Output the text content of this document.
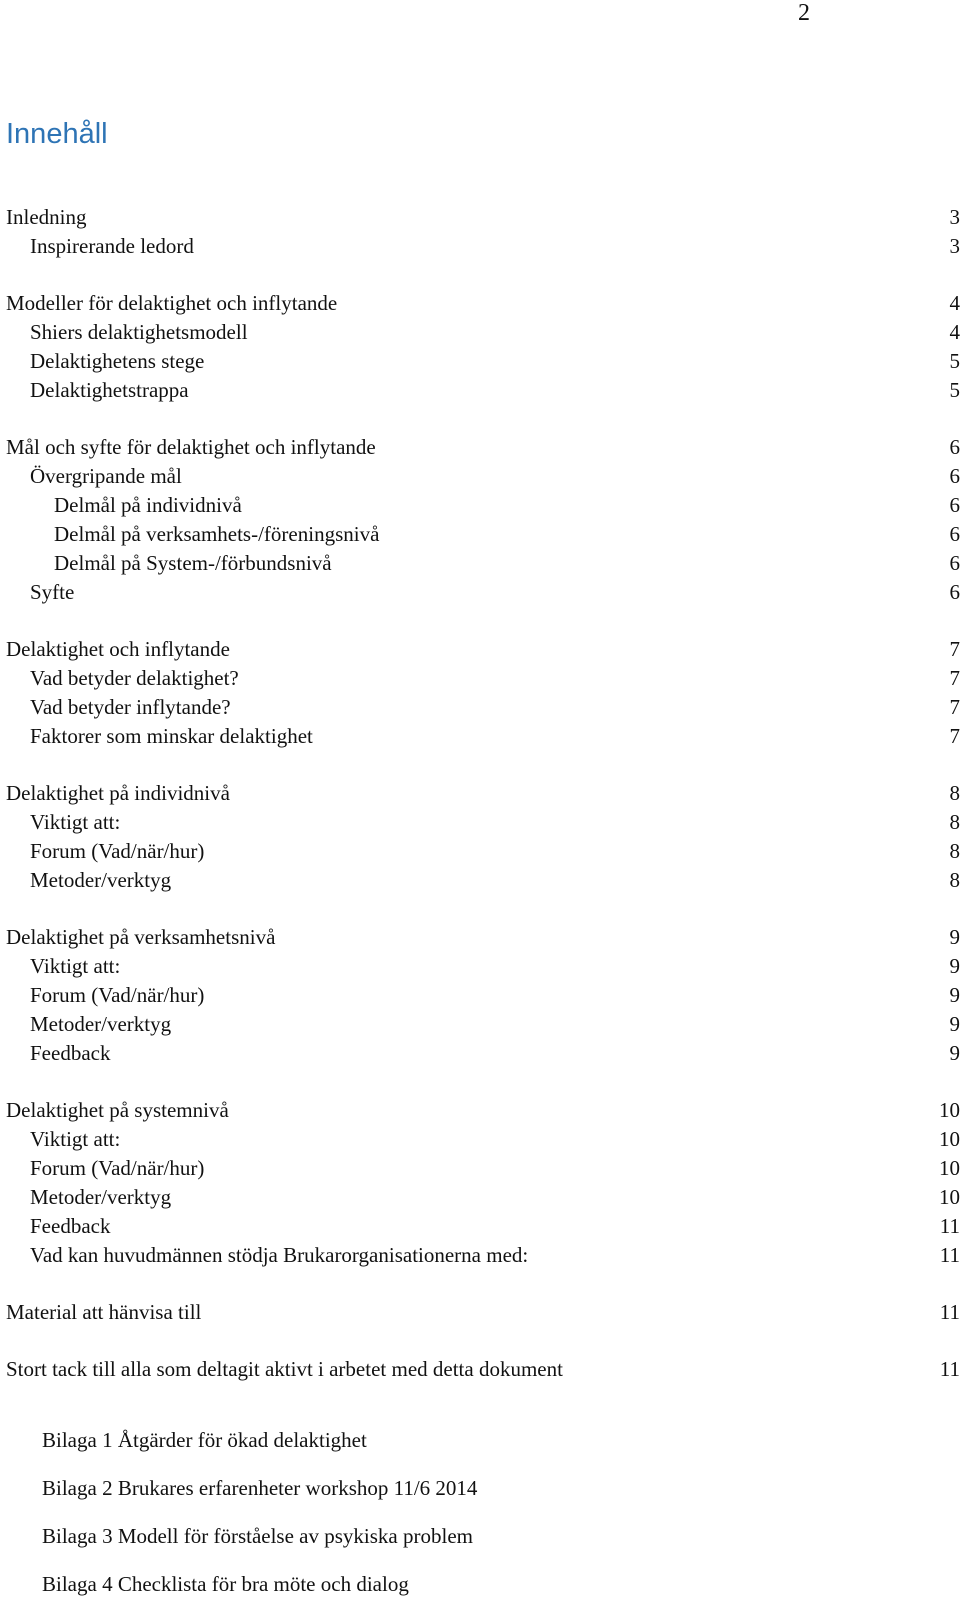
2
Innehåll
Inledning	3
Inspirerande ledord	3
Modeller för delaktighet och inflytande	4
Shiers delaktighetsmodell	4
Delaktighetens stege	5
Delaktighetstrappa	5
Mål och syfte för delaktighet och inflytande	6
Övergripande mål	6
Delmål på individnivå	6
Delmål på verksamhets-/föreningsnivå	6
Delmål på System-/förbundsnivå	6
Syfte	6
Delaktighet och inflytande	7
Vad betyder delaktighet?	7
Vad betyder inflytande?	7
Faktorer som minskar delaktighet	7
Delaktighet på individnivå	8
Viktigt att:	8
Forum (Vad/när/hur)	8
Metoder/verktyg	8
Delaktighet på verksamhetsnivå	9
Viktigt att:	9
Forum (Vad/när/hur)	9
Metoder/verktyg	9
Feedback	9
Delaktighet på systemnivå	10
Viktigt att:	10
Forum (Vad/när/hur)	10
Metoder/verktyg	10
Feedback	11
Vad kan huvudmännen stödja Brukarorganisationerna med:	11
Material att hänvisa till	11
Stort tack till alla som deltagit aktivt i arbetet med detta dokument	11
Bilaga 1 Åtgärder för ökad delaktighet
Bilaga 2 Brukares erfarenheter workshop 11/6 2014
Bilaga 3 Modell för förståelse av psykiska problem
Bilaga 4 Checklista för bra möte och dialog
